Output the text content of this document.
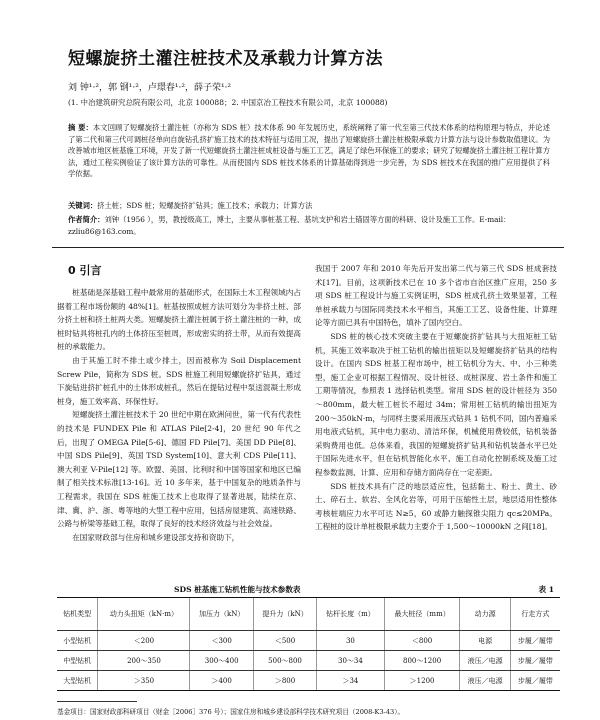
短螺旋挤土灌注桩技术及承载力计算方法
刘 钟¹·²，郭 钢¹·²，卢璟春¹·²，薛子荣¹·²
(1. 中冶建筑研究总院有限公司，北京 100088；2. 中国京冶工程技术有限公司，北京 100088)
摘 要：本文回顾了短螺旋挤土灌注桩（亦称为 SDS 桩）技术体系 90 年发展历史，系统阐释了第一代至第三代技术体系的结构原理与特点，并论述了第二代和第三代可调桩径单向自旋钻孔挤扩施工技术的技术特征与适用工况，提出了短螺旋挤土灌注桩极限承载力计算方法与设计参数取值建议。为改善城市地区桩基施工环境，开发了新一代短螺旋挤土灌注桩成桩设备与施工工艺，满足了绿色环保施工的要求；研究了短螺旋挤土灌注桩工程计算方法，通过工程实例验证了该计算方法的可靠性。从而使国内 SDS 桩技术体系的计算基础得到进一步完善，为 SDS 桩技术在我国的推广应用提供了科学依据。
关键词：挤土桩；SDS 桩；短螺旋挤扩钻具；施工技术；承载力；计算方法
作者简介：刘钟（1956 ），男，教授级高工，博士，主要从事桩基工程、基坑支护和岩土锚固等方面的科研、设计及施工工作。E-mail：zzliu86@163.com。
0 引言

桩基础是深基础工程中最常用的基础形式，在国际土木工程领域内占据着工程市场份额的 48%[1]。桩基按照成桩方法可划分为非挤土桩、部分挤土桩和挤土桩两大类。短螺旋挤土灌注桩属于挤土灌注桩的一种，成桩时钻具将桩孔内的土体挤压至桩周，形成密实的挤土带，从而有效提高桩的承载能力。

由于其施工时不排土或少排土，因而被称为 Soil Displacement Screw Pile，简称为 SDS 桩。SDS 桩施工利用短螺旋挤扩钻具，通过下旋钻进挤扩桩孔中的土体形成桩孔，然后在提钻过程中泵送混凝土形成桩身，施工效率高、环保性好。

短螺旋挤土灌注桩技术于 20 世纪中期在欧洲问世，第一代有代表性的技术是 FUNDEX Pile 和 ATLAS Pile[2-4]，20 世纪 90 年代之后，出现了 OMEGA Pile[5-6]、德国 FD Pile[7]、美国 DD Pile[8]、中国 SDS Pile[9]、英国 TSD System[10]、意大利 CDS Pile[11]、澳大利亚 V-Pile[12] 等。欧盟、美国、比利时和中国等国家和地区已编制了相关技术标准[13-16]。近 10 多年来，基于中国复杂的地质条件与工程需求，我国在 SDS 桩施工技术上也取得了显著进展，陆续在京、津、冀、沪、浙、粤等地的大型工程中应用，包括房屋建筑、高速铁路、公路与桥梁等基础工程，取得了良好的技术经济效益与社会效益。

在国家财政部与住房和城乡建设部支持和资助下，

我国于 2007 年和 2010 年先后开发出第二代与第三代 SDS 桩成套技术[17]。目前，这项新技术已在 10 多个省市自治区推广应用，250 多项 SDS 桩工程设计与施工实例证明，SDS 桩成孔挤土效果显著，工程单桩承载力与国际同类技术水平相当，其施工工艺、设备性能、计算理论等方面已具有中国特色，填补了国内空白。

SDS 桩的核心技术突破主要在于短螺旋挤扩钻具与大扭矩桩工钻机，其施工效率取决于桩工钻机的输出扭矩以及短螺旋挤扩钻具的结构设计。在国内 SDS 桩基工程市场中，桩工钻机分为大、中、小三种类型，施工企业可根据工程情况、设计桩径、成桩深度、岩土条件和施工工期等情况，参照表 1 选择钻机类型。常用 SDS 桩的设计桩径为 350～800mm，最大桩工桩长不超过 34m；常用桩工钻机的输出扭矩为 200～350kN·m，与同样主要采用液压式钻具 1 钻机不同，国内普遍采用电液式钻机，其中电力驱动、清洁环保，机械使用费较低，钻机装备采购费用也低。总体来看，我国的短螺旋挤扩钻具和钻机装备水平已处于国际先进水平，但在钻机智能化水平、施工自动化控制系统及施工过程参数监测、计算、应用和存储方面尚存在一定差距。

SDS 桩技术具有广泛的地层适应性，包括黏土、粉土、黄土、砂土、碎石土、软岩、全风化岩等，可用于压缩性土层，地层适用性整体考核桩端应力水平可达 N≥5，60 或静力触探锥尖阻力 qc≤20MPa。工程桩的设计单桩极限承载力主要介于 1,500～10000kN 之间[18]。

SDS 桩基施工钻机性能与技术参数表	表 1
钻机类型	动力头扭矩（kN·m）	加压力（kN）	提升力（kN）	钻杆长度（m）	最大桩径（mm）	动力源	行走方式
小型钻机	＜200	＜300	＜500	30	＜800	电源	步履／履带
中型钻机	200～350	300～400	500～800	30～34	800～1200	液压／电源	步履／履带
大型钻机	＞350	＞400	＞800	＞34	＞1200	液压／电源	步履／履带
基金项目：国家财政部科研项目（财金［2006］376 号）；国家住房和城乡建设部科学技术研究项目（2008-K3-43）。
